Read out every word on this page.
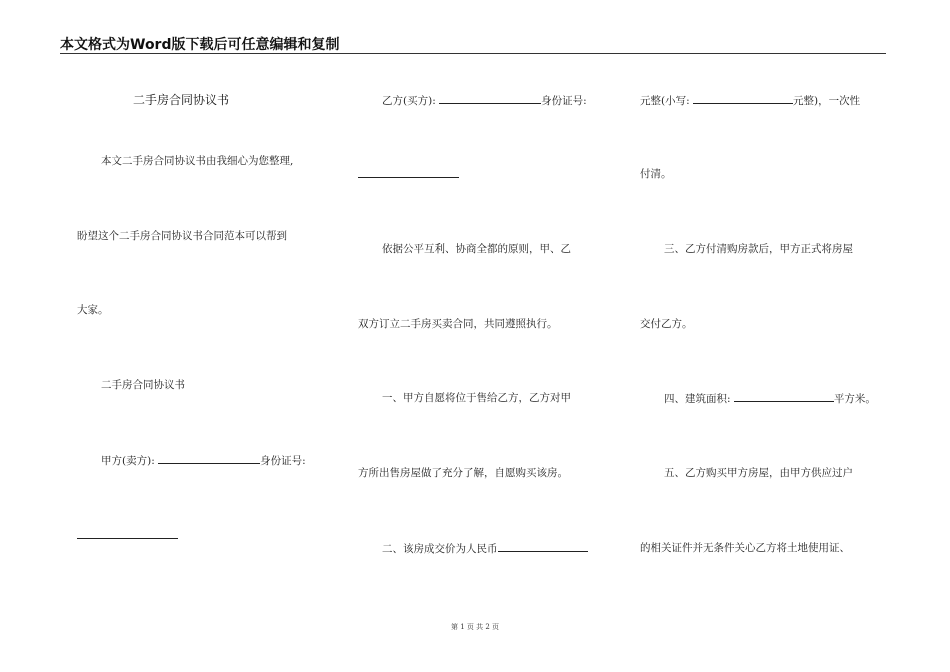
本文格式为Word版下载后可任意编辑和复制
二手房合同协议书
本文二手房合同协议书由我细心为您整理,
盼望这个二手房合同协议书合同范本可以帮到
大家。
二手房合同协议书
甲方(卖方):	身份证号:
乙方(买方):	身份证号:
依据公平互利、协商全都的原则，甲、乙
双方订立二手房买卖合同，共同遵照执行。
一、甲方自愿将位于售给乙方，乙方对甲
方所出售房屋做了充分了解，自愿购买该房。
二、该房成交价为人民币
元整(小写:	元整)，一次性
付清。
三、乙方付清购房款后，甲方正式将房屋
交付乙方。
四、建筑面积:	平方米。
五、乙方购买甲方房屋，由甲方供应过户
的相关证件并无条件关心乙方将土地使用证、
第 1 页 共 2 页
